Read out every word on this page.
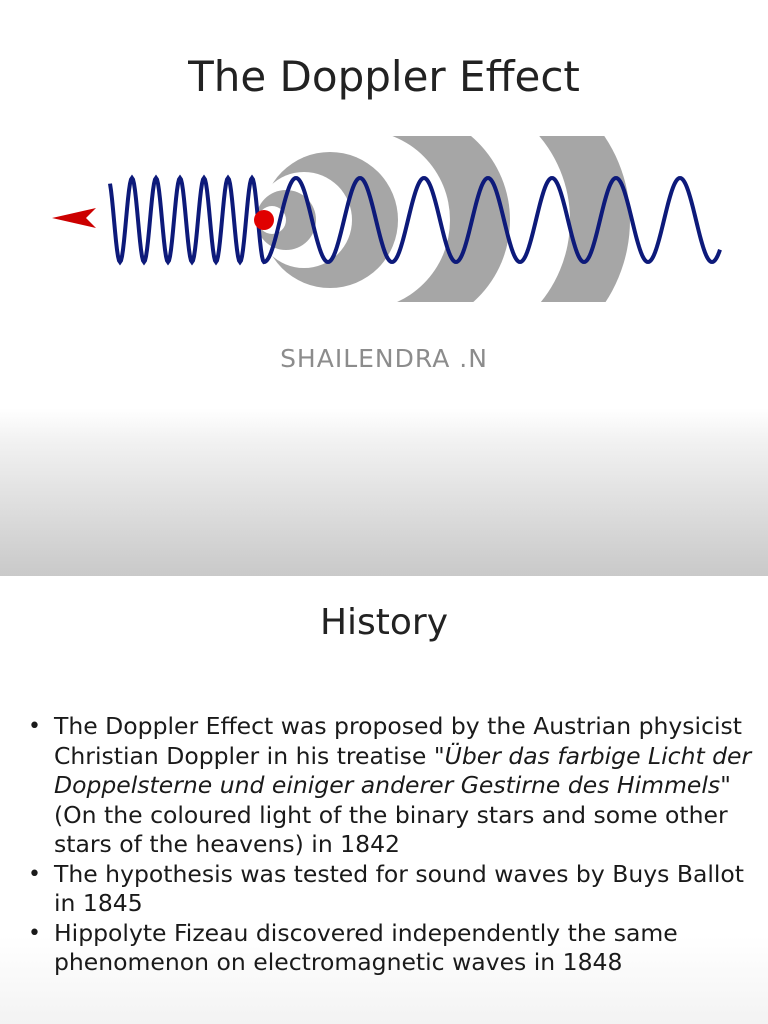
The Doppler Effect

SHAILENDRA .N

History
• The Doppler Effect was proposed by the Austrian physicist Christian Doppler in his treatise "Über das farbige Licht der Doppelsterne und einiger anderer Gestirne des Himmels" (On the coloured light of the binary stars and some other stars of the heavens) in 1842
• The hypothesis was tested for sound waves by Buys Ballot in 1845
• Hippolyte Fizeau discovered independently the same phenomenon on electromagnetic waves in 1848
